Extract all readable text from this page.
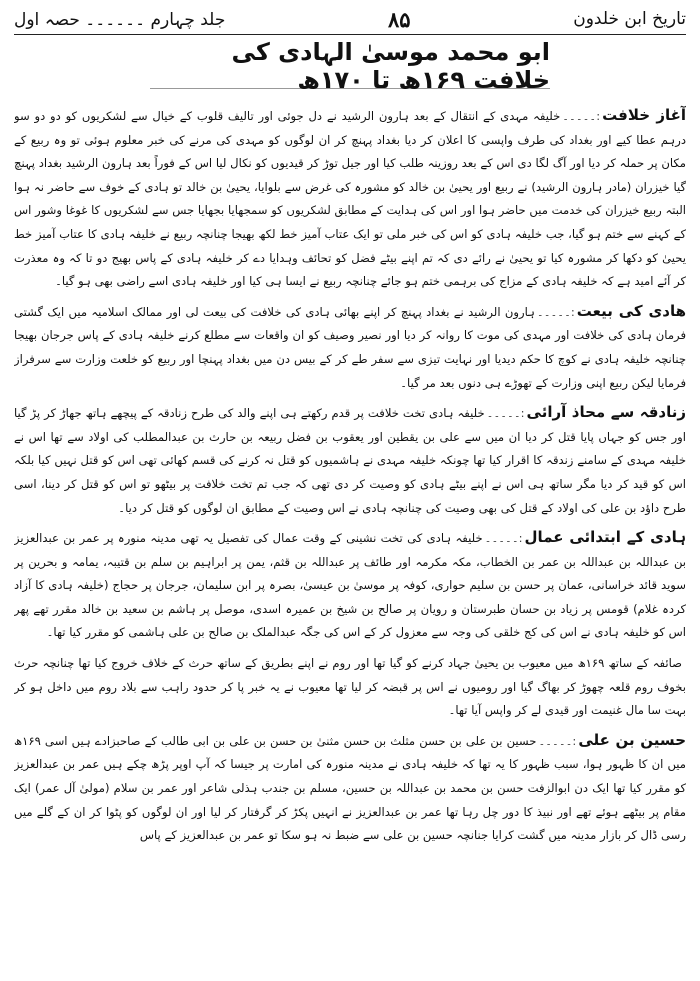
تاریخ ابن خلدون
۸۵
جلد چہارم ۔۔۔۔۔۔ حصہ اول
ابو محمد موسیٰ الہادی کی خلافت ۱۶۹ھ تا ۱۷۰ھ

آغاز خلافت:۔۔۔۔۔خلیفہ مہدی کے انتقال کے بعد ہارون الرشید نے دل جوئی اور تالیف قلوب کے خیال سے لشکریوں کو دو دو سو درہم عطا کیے اور بغداد کی طرف واپسی کا اعلان کر دیا بغداد پہنچ کر ان لوگوں کو مہدی کی مرنے کی خبر معلوم ہوئی تو وہ ربیع کے مکان پر حملہ کر دیا اور آگ لگا دی اس کے بعد روزینہ طلب کیا اور جیل توڑ کر قیدیوں کو نکال لیا اس کے فوراً بعد ہارون الرشید بغداد پہنچ گیا خیزران (مادر ہارون الرشید) نے ربیع اور یحییٰ بن خالد کو مشورہ کی غرض سے بلوایا، یحییٰ بن خالد تو ہادی کے خوف سے حاضر نہ ہوا البتہ ربیع خیزران کی خدمت میں حاضر ہوا اور اس کی ہدایت کے مطابق لشکریوں کو سمجھایا بجھایا جس سے لشکریوں کا غوغا وشور اس کے کہنے سے ختم ہو گیا، جب خلیفہ ہادی کو اس کی خبر ملی تو ایک عتاب آمیز خط لکھ بھیجا چنانچہ ربیع نے خلیفہ ہادی کا عتاب آمیز خط یحییٰ کو دکھا کر مشورہ کیا تو یحییٰ نے رائے دی کہ تم اپنے بیٹے فضل کو تحائف وہدایا دے کر خلیفہ ہادی کے پاس بھیج دو تا کہ وہ معذرت کر آئے امید ہے کہ خلیفہ ہادی کے مزاج کی برہمی ختم ہو جائے چنانچہ ربیع نے ایسا ہی کیا اور خلیفہ ہادی اسے راضی بھی ہو گیا۔

ھادی کی بیعت:۔۔۔۔۔ہارون الرشید نے بغداد پہنچ کر اپنے بھائی ہادی کی خلافت کی بیعت لی اور ممالک اسلامیہ میں ایک گشتی فرمان ہادی کی خلافت اور مہدی کی موت کا روانہ کر دیا اور نصیر وصیف کو ان واقعات سے مطلع کرنے خلیفہ ہادی کے پاس جرجان بھیجا چنانچہ خلیفہ ہادی نے کوچ کا حکم دیدیا اور نہایت تیزی سے سفر طے کر کے بیس دن میں بغداد پہنچا اور ربیع کو خلعت وزارت سے سرفراز فرمایا لیکن ربیع اپنی وزارت کے تھوڑے ہی دنوں بعد مر گیا۔

زنادقہ سے محاذ آرائی:۔۔۔۔۔خلیفہ ہادی تخت خلافت پر قدم رکھتے ہی اپنے والد کی طرح زنادقہ کے پیچھے ہاتھ جھاڑ کر پڑ گیا اور جس کو جہاں پایا قتل کر دیا ان میں سے علی بن یقطین اور یعقوب بن فضل ربیعہ بن حارث بن عبدالمطلب کی اولاد سے تھا اس نے خلیفہ مہدی کے سامنے زندقہ کا اقرار کیا تھا چونکہ خلیفہ مہدی نے ہاشمیوں کو قتل نہ کرنے کی قسم کھائی تھی اس کو قتل نہیں کیا بلکہ اس کو قید کر دیا مگر ساتھ ہی اس نے اپنے بیٹے ہادی کو وصیت کر دی تھی کہ جب تم تخت خلافت پر بیٹھو تو اس کو قتل کر دینا، اسی طرح داؤد بن علی کی اولاد کے قتل کی بھی وصیت کی چنانچہ ہادی نے اس وصیت کے مطابق ان لوگوں کو قتل کر دیا۔

ہادی کے ابتدائی عمال:۔۔۔۔۔خلیفہ ہادی کی تخت نشینی کے وقت عمال کی تفصیل یہ تھی مدینہ منورہ پر عمر بن عبدالعزیز بن عبداللہ بن عبداللہ بن عمر بن الخطاب، مکہ مکرمہ اور طائف پر عبداللہ بن قثم، یمن پر ابراہیم بن سلم بن قتیبہ، یمامہ و بحرین پر سوید قائد خراسانی، عمان پر حسن بن سلیم حواری، کوفہ پر موسیٰ بن عیسیٰ، بصرہ پر ابن سلیمان، جرجان پر حجاج (خلیفہ ہادی کا آزاد کردہ غلام) قومس پر زیاد بن حسان طبرستان و رویان پر صالح بن شیخ بن عمیرہ اسدی، موصل پر ہاشم بن سعید بن خالد مقرر تھے پھر اس کو خلیفہ ہادی نے اس کی کج خلقی کی وجہ سے معزول کر کے اس کی جگہ عبدالملک بن صالح بن علی ہاشمی کو مقرر کیا تھا۔

صائفہ کے ساتھ ۱۶۹ھ میں معیوب بن یحییٰ جہاد کرنے کو گیا تھا اور روم نے اپنے بطریق کے ساتھ حرث کے خلاف خروج کیا تھا چنانچہ حرث بخوف روم قلعہ چھوڑ کر بھاگ گیا اور رومیوں نے اس پر قبضہ کر لیا تھا معیوب نے یہ خبر پا کر حدود راہب سے بلاد روم میں داخل ہو کر بہت سا مال غنیمت اور قیدی لے کر واپس آیا تھا۔

حسین بن علی:۔۔۔۔۔حسین بن علی بن حسن مثلث بن حسن مثنیٰ بن حسن بن علی بن ابی طالب کے صاحبزادے ہیں اسی ۱۶۹ھ میں ان کا ظہور ہوا، سبب ظہور کا یہ تھا کہ خلیفہ ہادی نے مدینہ منورہ کی امارت پر جیسا کہ آپ اوپر پڑھ چکے ہیں عمر بن عبدالعزیز کو مقرر کیا تھا ایک دن ابوالزفت حسن بن محمد بن عبداللہ بن حسین، مسلم بن جندب ہذلی شاعر اور عمر بن سلام (مولیٰ آل عمر) ایک مقام پر بیٹھے ہوئے تھے اور نبیذ کا دور چل رہا تھا عمر بن عبدالعزیز نے انہیں پکڑ کر گرفتار کر لیا اور ان لوگوں کو پٹوا کر ان کے گلے میں رسی ڈال کر بازار مدینہ میں گشت کرایا جنانچہ حسین بن علی سے ضبط نہ ہو سکا تو عمر بن عبدالعزیز کے پاس
